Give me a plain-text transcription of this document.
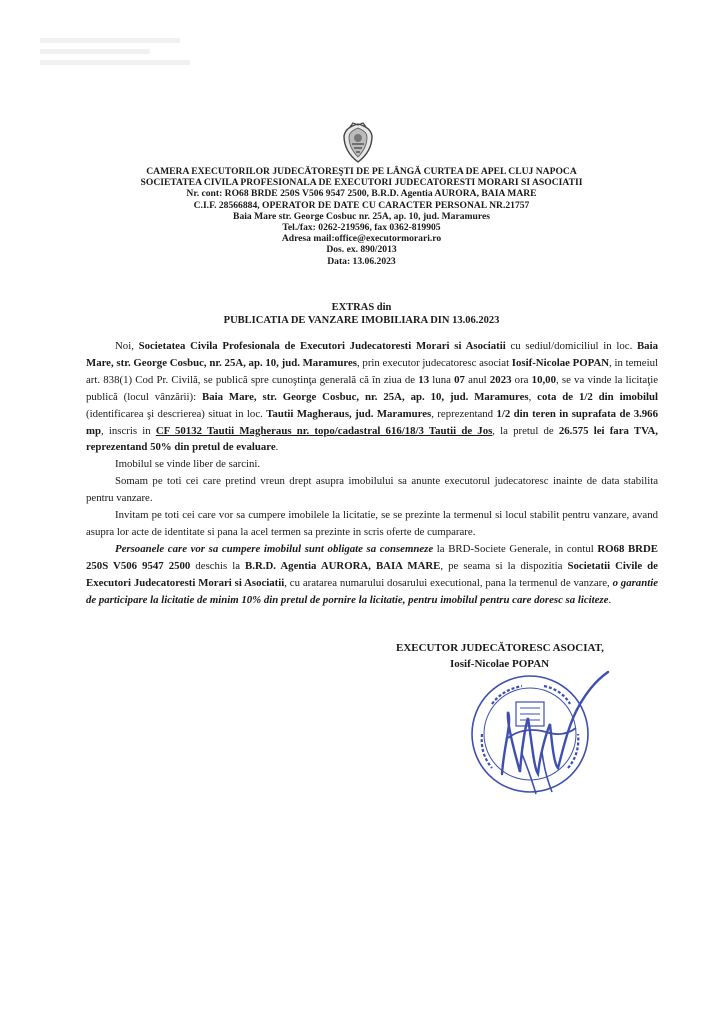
CAMERA EXECUTORILOR JUDECĂTOREŞTI DE PE LÂNGĂ CURTEA DE APEL CLUJ NAPOCA
SOCIETATEA CIVILA PROFESIONALA DE EXECUTORI JUDECATORESTI MORARI SI ASOCIATII
Nr. cont: RO68 BRDE 250S V506 9547 2500, B.R.D. Agentia AURORA, BAIA MARE
C.I.F. 28566884, OPERATOR DE DATE CU CARACTER PERSONAL NR.21757
Baia Mare str. George Cosbuc nr. 25A, ap. 10, jud. Maramures
Tel./fax: 0262-219596, fax 0362-819905
Adresa mail:office@executormorari.ro
Dos. ex. 890/2013
Data: 13.06.2023
EXTRAS din
PUBLICATIA DE VANZARE IMOBILIARA DIN 13.06.2023

Noi, Societatea Civila Profesionala de Executori Judecatoresti Morari si Asociatii cu sediul/domiciliul in loc. Baia Mare, str. George Cosbuc, nr. 25A, ap. 10, jud. Maramures, prin executor judecatoresc asociat Iosif-Nicolae POPAN, in temeiul art. 838(1) Cod Pr. Civilă, se publică spre cunoştinţa generală că în ziua de 13 luna 07 anul 2023 ora 10,00, se va vinde la licitaţie publică (locul vânzării): Baia Mare, str. George Cosbuc, nr. 25A, ap. 10, jud. Maramures, cota de 1/2 din imobilul (identificarea şi descrierea) situat in loc. Tautii Magheraus, jud. Maramures, reprezentand 1/2 din teren in suprafata de 3.966 mp, inscris in CF 50132 Tautii Magheraus nr. topo/cadastral 616/18/3 Tautii de Jos, la pretul de 26.575 lei fara TVA, reprezentand 50% din pretul de evaluare.

Imobilul se vinde liber de sarcini.

Somam pe toti cei care pretind vreun drept asupra imobilului sa anunte executorul judecatoresc inainte de data stabilita pentru vanzare.

Invitam pe toti cei care vor sa cumpere imobilele la licitatie, se se prezinte la termenul si locul stabilit pentru vanzare, avand asupra lor acte de identitate si pana la acel termen sa prezinte in scris oferte de cumparare.

Persoanele care vor sa cumpere imobilul sunt obligate sa consemneze la BRD-Societe Generale, in contul RO68 BRDE 250S V506 9547 2500 deschis la B.R.D. Agentia AURORA, BAIA MARE, pe seama si la dispozitia Societatii Civile de Executori Judecatoresti Morari si Asociatii, cu aratarea numarului dosarului executional, pana la termenul de vanzare, o garantie de participare la licitatie de minim 10% din pretul de pornire la licitatie, pentru imobilul pentru care doresc sa liciteze.

EXECUTOR JUDECĂTORESC ASOCIAT,
Iosif-Nicolae POPAN
